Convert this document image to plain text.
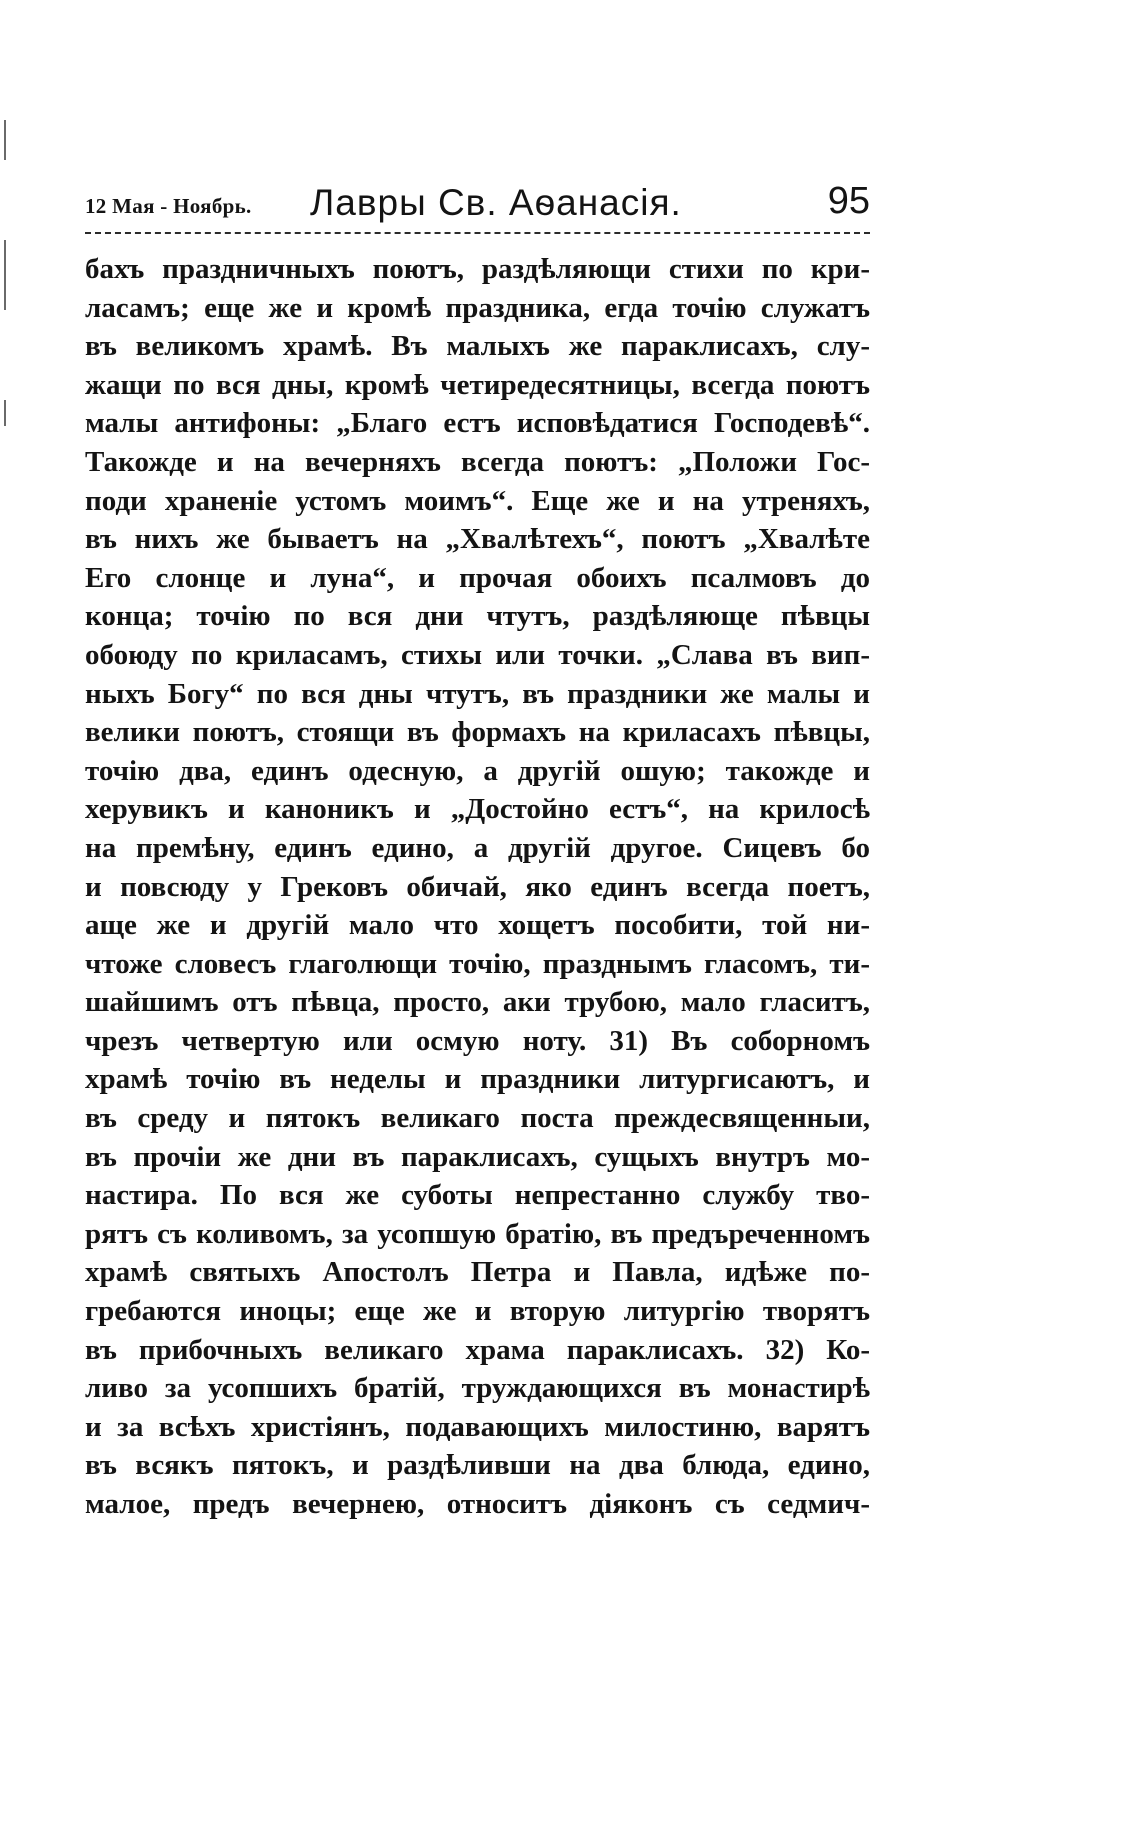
12 Мая - Ноябрь. Лавры Св. Аѳанасія.	95
бахъ праздничныхъ поютъ, раздѣляющи стихи по кри-
ласамъ; еще же и кромѣ праздника, егда точію служатъ
въ великомъ храмѣ. Въ малыхъ же параклисахъ, слу-
жащи по вся дны, кромѣ четиредесятницы, всегда поютъ
малы антифоны: „Благо естъ исповѣдатися Господевѣ“.
Такожде и на вечерняхъ всегда поютъ: „Положи Гос-
поди храненіе устомъ моимъ“. Еще же и на утреняхъ,
въ нихъ же бываетъ на „Хвалѣтехъ“, поютъ „Хвалѣте
Его слонце и луна“, и прочая обоихъ псалмовъ до
конца; точію по вся дни чтутъ, раздѣляюще пѣвцы
обоюду по криласамъ, стихы или точки. „Слава въ вип-
ныхъ Богу“ по вся дны чтутъ, въ праздники же малы и
велики поютъ, стоящи въ формахъ на криласахъ пѣвцы,
точію два, единъ одесную, а другій ошую; такожде и
херувикъ и каноникъ и „Достойно естъ“, на крилосѣ
на премѣну, единъ едино, а другій другое. Сицевъ бо
и повсюду у Грековъ обичай, яко единъ всегда поетъ,
аще же и другій мало что хощетъ пособити, той ни-
чтоже словесъ глаголющи точію, празднымъ гласомъ, ти-
шайшимъ отъ пѣвца, просто, аки трубою, мало гласитъ,
чрезъ четвертую или осмую ноту. 31) Въ соборномъ
храмѣ точію въ неделы и праздники литургисаютъ, и
въ среду и пятокъ великаго поста преждесвященныи,
въ прочіи же дни въ параклисахъ, сущыхъ внутръ мо-
настира. По вся же суботы непрестанно службу тво-
рятъ съ коливомъ, за усопшую братію, въ предъреченномъ
храмѣ святыхъ Апостолъ Петра и Павла, идѣже по-
гребаются иноцы; еще же и вторую литургію творятъ
въ прибочныхъ великаго храма параклисахъ. 32) Ко-
ливо за усопшихъ братій, труждающихся въ монастирѣ
и за всѣхъ христіянъ, подавающихъ милостиню, варятъ
въ всякъ пятокъ, и раздѣливши на два блюда, едино,
малое, предъ вечернею, относитъ діяконъ съ седмич-
